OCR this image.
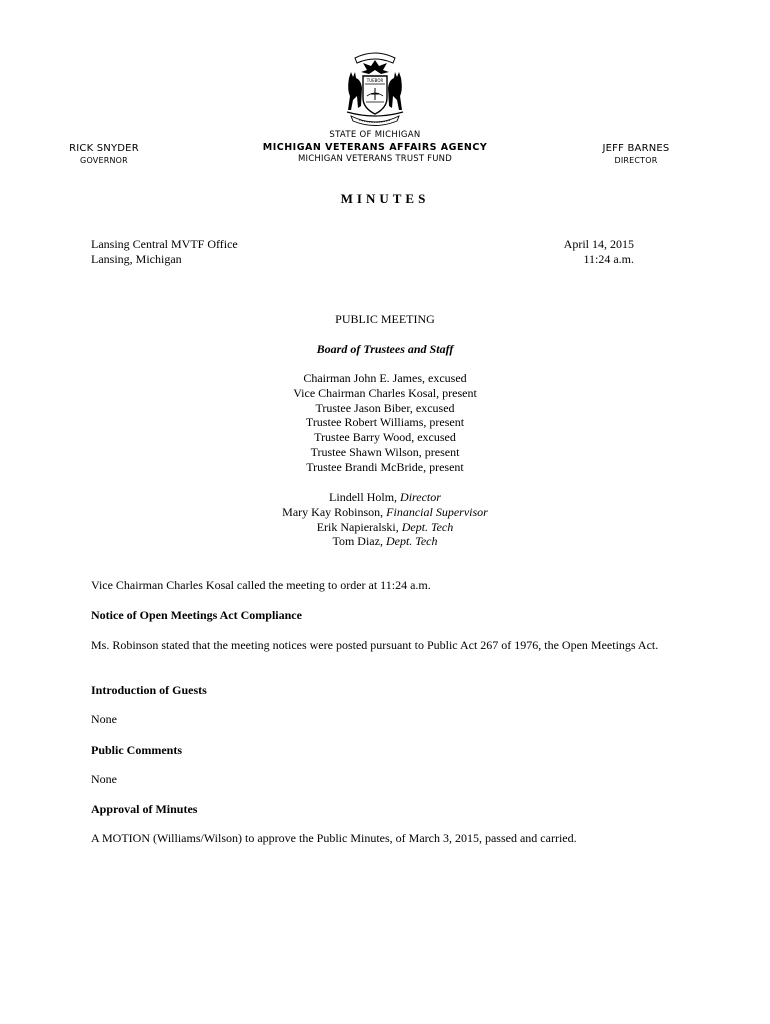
TUEBOR
RICK SNYDER
GOVERNOR
STATE OF MICHIGAN
MICHIGAN VETERANS AFFAIRS AGENCY
MICHIGAN VETERANS TRUST FUND
JEFF BARNES
DIRECTOR
MINUTES
Lansing Central MVTF Office
Lansing, Michigan
April 14, 2015
11:24 a.m.
PUBLIC MEETING
Board of Trustees and Staff
Chairman John E. James, excused
Vice Chairman Charles Kosal, present
Trustee Jason Biber, excused
Trustee Robert Williams, present
Trustee Barry Wood, excused
Trustee Shawn Wilson, present
Trustee Brandi McBride, present
Lindell Holm, Director
Mary Kay Robinson, Financial Supervisor
Erik Napieralski, Dept. Tech
Tom Diaz, Dept. Tech
Vice Chairman Charles Kosal called the meeting to order at 11:24 a.m.
Notice of Open Meetings Act Compliance
Ms. Robinson stated that the meeting notices were posted pursuant to Public Act 267 of 1976, the Open Meetings Act.
Introduction of Guests
None
Public Comments
None
Approval of Minutes
A MOTION (Williams/Wilson) to approve the Public Minutes, of March 3, 2015, passed and carried.
